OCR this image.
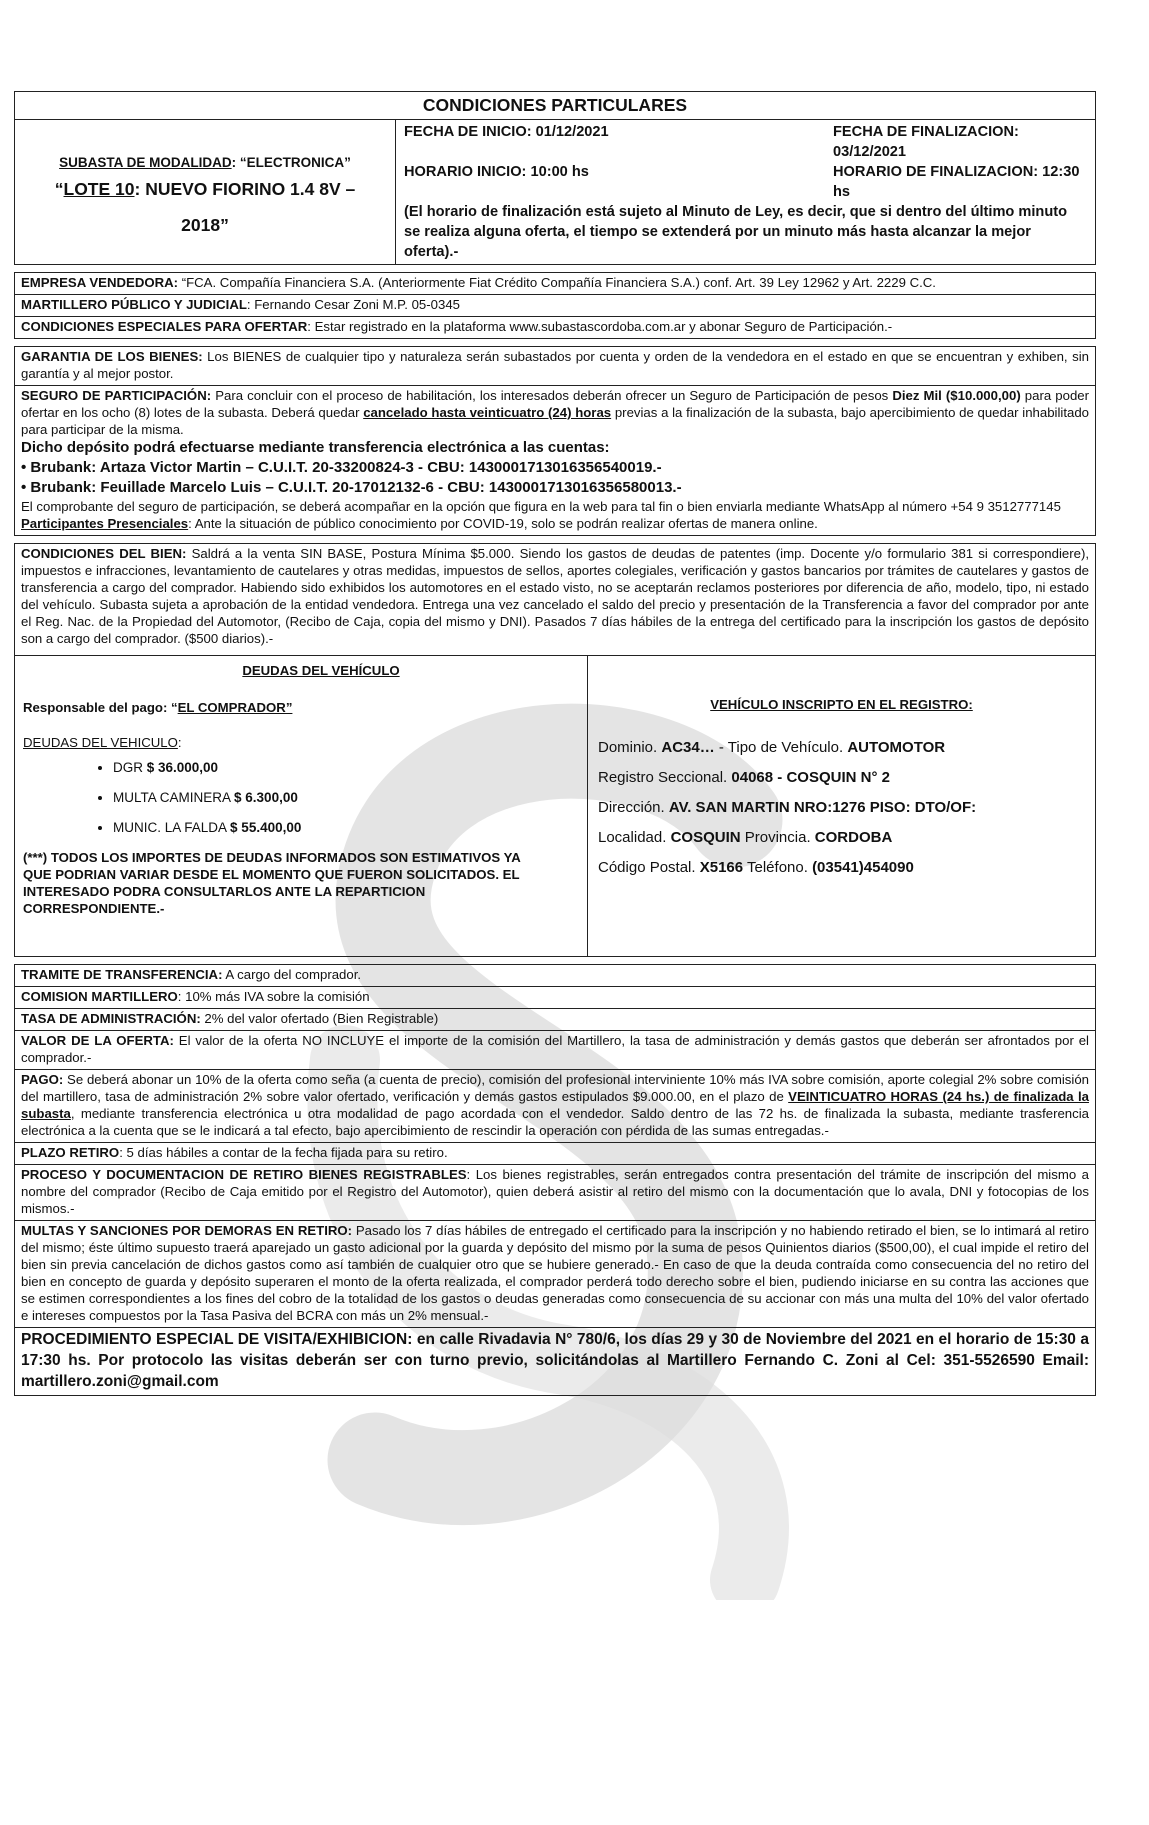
CONDICIONES PARTICULARES
SUBASTA DE MODALIDAD: “ELECTRONICA”
“LOTE 10: NUEVO FIORINO 1.4 8V –
2018”
FECHA DE INICIO: 01/12/2021	FECHA DE FINALIZACION: 03/12/2021
HORARIO INICIO: 10:00 hs	HORARIO DE FINALIZACION: 12:30 hs
(El horario de finalización está sujeto al Minuto de Ley, es decir, que si dentro del último minuto se realiza alguna oferta, el tiempo se extenderá por un minuto más hasta alcanzar la mejor oferta).-
EMPRESA VENDEDORA: “FCA. Compañía Financiera S.A. (Anteriormente Fiat Crédito Compañía Financiera S.A.) conf. Art. 39 Ley 12962 y Art. 2229 C.C.
MARTILLERO PÚBLICO Y JUDICIAL: Fernando Cesar Zoni M.P. 05-0345
CONDICIONES ESPECIALES PARA OFERTAR: Estar registrado en la plataforma www.subastascordoba.com.ar y abonar Seguro de Participación.-
GARANTIA DE LOS BIENES: Los BIENES de cualquier tipo y naturaleza serán subastados por cuenta y orden de la vendedora en el estado en que se encuentran y exhiben, sin garantía y al mejor postor.
SEGURO DE PARTICIPACIÓN: Para concluir con el proceso de habilitación, los interesados deberán ofrecer un Seguro de Participación de pesos Diez Mil ($10.000,00) para poder ofertar en los ocho (8) lotes de la subasta. Deberá quedar cancelado hasta veinticuatro (24) horas previas a la finalización de la subasta, bajo apercibimiento de quedar inhabilitado para participar de la misma.
Dicho depósito podrá efectuarse mediante transferencia electrónica a las cuentas:
• Brubank: Artaza Victor Martin – C.U.I.T. 20-33200824-3 - CBU: 1430001713016356540019.-
• Brubank: Feuillade Marcelo Luis – C.U.I.T. 20-17012132-6 - CBU: 1430001713016356580013.-
El comprobante del seguro de participación, se deberá acompañar en la opción que figura en la web para tal fin o bien enviarla mediante WhatsApp al número +54 9 3512777145
Participantes Presenciales: Ante la situación de público conocimiento por COVID-19, solo se podrán realizar ofertas de manera online.
CONDICIONES DEL BIEN: Saldrá a la venta SIN BASE, Postura Mínima $5.000. Siendo los gastos de deudas de patentes (imp. Docente y/o formulario 381 si correspondiere), impuestos e infracciones, levantamiento de cautelares y otras medidas, impuestos de sellos, aportes colegiales, verificación y gastos bancarios por trámites de cautelares y gastos de transferencia a cargo del comprador. Habiendo sido exhibidos los automotores en el estado visto, no se aceptarán reclamos posteriores por diferencia de año, modelo, tipo, ni estado del vehículo. Subasta sujeta a aprobación de la entidad vendedora. Entrega una vez cancelado el saldo del precio y presentación de la Transferencia a favor del comprador por ante el Reg. Nac. de la Propiedad del Automotor, (Recibo de Caja, copia del mismo y DNI). Pasados 7 días hábiles de la entrega del certificado para la inscripción los gastos de depósito son a cargo del comprador. ($500 diarios).-
DEUDAS DEL VEHÍCULO
Responsable del pago: “EL COMPRADOR”
DEUDAS DEL VEHICULO:
• DGR $ 36.000,00
• MULTA CAMINERA $ 6.300,00
• MUNIC. LA FALDA $ 55.400,00
(***) TODOS LOS IMPORTES DE DEUDAS INFORMADOS SON ESTIMATIVOS YA QUE PODRIAN VARIAR DESDE EL MOMENTO QUE FUERON SOLICITADOS. EL INTERESADO PODRA CONSULTARLOS ANTE LA REPARTICION CORRESPONDIENTE.-
VEHÍCULO INSCRIPTO EN EL REGISTRO:

Dominio. AC34… - Tipo de Vehículo. AUTOMOTOR

Registro Seccional. 04068 - COSQUIN N° 2

Dirección. AV. SAN MARTIN NRO:1276 PISO: DTO/OF:

Localidad. COSQUIN Provincia. CORDOBA

Código Postal. X5166 Teléfono. (03541)454090

TRAMITE DE TRANSFERENCIA: A cargo del comprador.
COMISION MARTILLERO: 10% más IVA sobre la comisión
TASA DE ADMINISTRACIÓN: 2% del valor ofertado (Bien Registrable)
VALOR DE LA OFERTA: El valor de la oferta NO INCLUYE el importe de la comisión del Martillero, la tasa de administración y demás gastos que deberán ser afrontados por el comprador.-
PAGO: Se deberá abonar un 10% de la oferta como seña (a cuenta de precio), comisión del profesional interviniente 10% más IVA sobre comisión, aporte colegial 2% sobre comisión del martillero, tasa de administración 2% sobre valor ofertado, verificación y demás gastos estipulados $9.000.00, en el plazo de VEINTICUATRO HORAS (24 hs.) de finalizada la subasta, mediante transferencia electrónica u otra modalidad de pago acordada con el vendedor. Saldo dentro de las 72 hs. de finalizada la subasta, mediante trasferencia electrónica a la cuenta que se le indicará a tal efecto, bajo apercibimiento de rescindir la operación con pérdida de las sumas entregadas.-
PLAZO RETIRO: 5 días hábiles a contar de la fecha fijada para su retiro.
PROCESO Y DOCUMENTACION DE RETIRO BIENES REGISTRABLES: Los bienes registrables, serán entregados contra presentación del trámite de inscripción del mismo a nombre del comprador (Recibo de Caja emitido por el Registro del Automotor), quien deberá asistir al retiro del mismo con la documentación que lo avala, DNI y fotocopias de los mismos.-
MULTAS Y SANCIONES POR DEMORAS EN RETIRO: Pasado los 7 días hábiles de entregado el certificado para la inscripción y no habiendo retirado el bien, se lo intimará al retiro del mismo; éste último supuesto traerá aparejado un gasto adicional por la guarda y depósito del mismo por la suma de pesos Quinientos diarios ($500,00), el cual impide el retiro del bien sin previa cancelación de dichos gastos como así también de cualquier otro que se hubiere generado.- En caso de que la deuda contraída como consecuencia del no retiro del bien en concepto de guarda y depósito superaren el monto de la oferta realizada, el comprador perderá todo derecho sobre el bien, pudiendo iniciarse en su contra las acciones que se estimen correspondientes a los fines del cobro de la totalidad de los gastos o deudas generadas como consecuencia de su accionar con más una multa del 10% del valor ofertado e intereses compuestos por la Tasa Pasiva del BCRA con más un 2% mensual.-
PROCEDIMIENTO ESPECIAL DE VISITA/EXHIBICION: en calle Rivadavia N° 780/6, los días 29 y 30 de Noviembre del 2021 en el horario de 15:30 a 17:30 hs. Por protocolo las visitas deberán ser con turno previo, solicitándolas al Martillero Fernando C. Zoni al Cel: 351-5526590 Email: martillero.zoni@gmail.com
